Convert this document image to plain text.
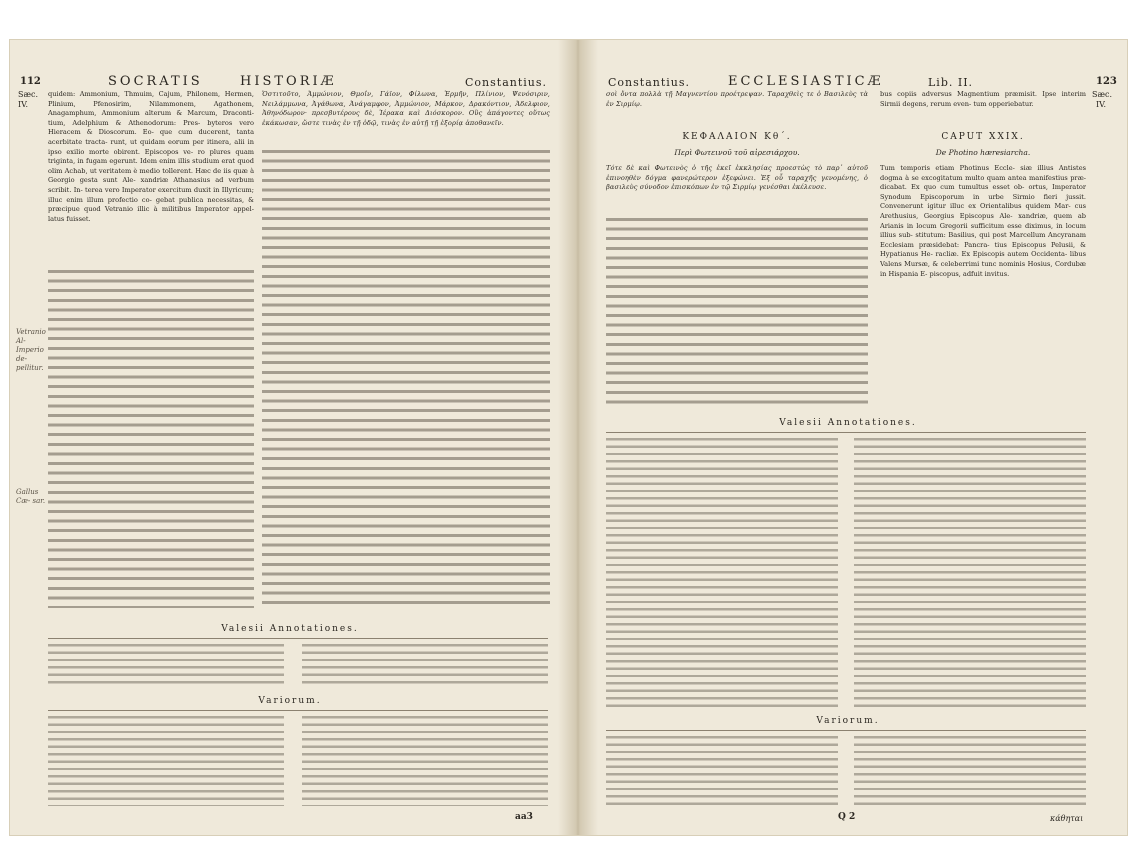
112	SOCRATIS	HISTORIÆ	Constantius.
Sæc.
IV.
Vetranio Al- Imperio de- pellitur.
Gallus Cæ- sar.

quidem: Ammonium, Thmuim, Cajum, Philonem, Hermen, Plinium, Pfenosirim, Nilammonem, Agathonem, Anagamphum, Ammonium alterum & Marcum, Draconti- tium, Adelphium & Athenodorum: Pres- byteros vero Hieracem & Dioscorum. Eo- que cum ducerent, tanta acerbitate tracta- runt, ut quidam eorum per itinera, alii in ipso exilio morte obirent. Episcopos ve- ro plures quam triginta, in fugam egerunt. Idem enim illis studium erat quod olim Achab, ut veritatem è medio tollerent. Hæc de iis quæ à Georgio gesta sunt Ale- xandriæ Athanasius ad verbum scribit. In- terea vero Imperator exercitum duxit in Illyricum; illuc enim illum profectio co- gebat publica necessitas, & præcipue quod Vetranio illic à militibus Imperator appel- latus fuisset.

Ὁστιτοῦτο, Ἀμμώνιον, Θμοΐν, Γάϊον, Φίλωνα, Ἑρμῆν, Πλίνιον, Ψενόσιριν, Νειλάμμωνα, Ἀγάθωνα, Ἀνάγαμφον, Ἀμμώνιον, Μάρκον, Δρακόντιον, Ἀδελφιον, Ἀθηνόδωρον· πρεσβυτέρους δὲ, Ἱέρακα καὶ Διόσκορον. Οὓς ἀπάγοντες οὕτως ἐκάκωσαν, ὥστε τινὰς ἐν τῇ ὁδῷ, τινὰς ἐν αὐτῇ τῇ ἐξορίᾳ ἀποθανεῖν.

Valesii Annotationes.
Variorum.
aa3
Constantius.	ECCLESIASTICÆ	Lib. II.	123
Sæc.
IV.

σοὶ ὄντα πολλὰ τῇ Μαγνεντίου προέτρεψαν. Ταραχθεὶς τε ὁ Βασιλεὺς τὰ ἐν Σιρμίῳ.

bus copiis adversus Magnentium præmisit. Ipse interim Sirmii degens, rerum even- tum opperiebatur.

ΚΕΦΑΛΑΙΟΝ Κθ΄.	CAPUT XXIX.
Περὶ Φωτεινοῦ τοῦ αἱρεσιάρχου.	De Photino hæresiarcha.

Τότε δὲ καὶ Φωτεινὸς ὁ τῆς ἐκεῖ ἐκκλησίας προεστὼς τὸ παρ᾽ αὐτοῦ ἐπινοηθὲν δόγμα φανερώτερον ἐξεφώνει. Ἐξ οὗ ταραχῆς γενομένης, ὁ βασιλεὺς σύνοδον ἐπισκόπων ἐν τῷ Σιρμίῳ γενέσθαι ἐκέλευσε.

Tum temporis etiam Photinus Eccle- siæ illius Antistes dogma à se excogitatum multo quam antea manifestius præ- dicabat. Ex quo cum tumultus esset ob- ortus, Imperator Synodum Episcoporum in urbe Sirmio fieri jussit. Convenerunt igitur illuc ex Orientalibus quidem Mar- cus Arethusius, Georgius Episcopus Ale- xandriæ, quem ab Arianis in locum Gregorii sufficitum esse diximus, in locum illius sub- stitutum: Basilius, qui post Marcellum Ancyranam Ecclesiam præsidebat: Pancra- tius Episcopus Pelusii, & Hypatianus He- racliæ. Ex Episcopis autem Occidenta- libus Valens Mursæ, & celeberrimi tunc nominis Hosius, Cordubæ in Hispania E- piscopus, adfuit invitus.

Valesii Annotationes.
Variorum.
Q 2	κάθηται
